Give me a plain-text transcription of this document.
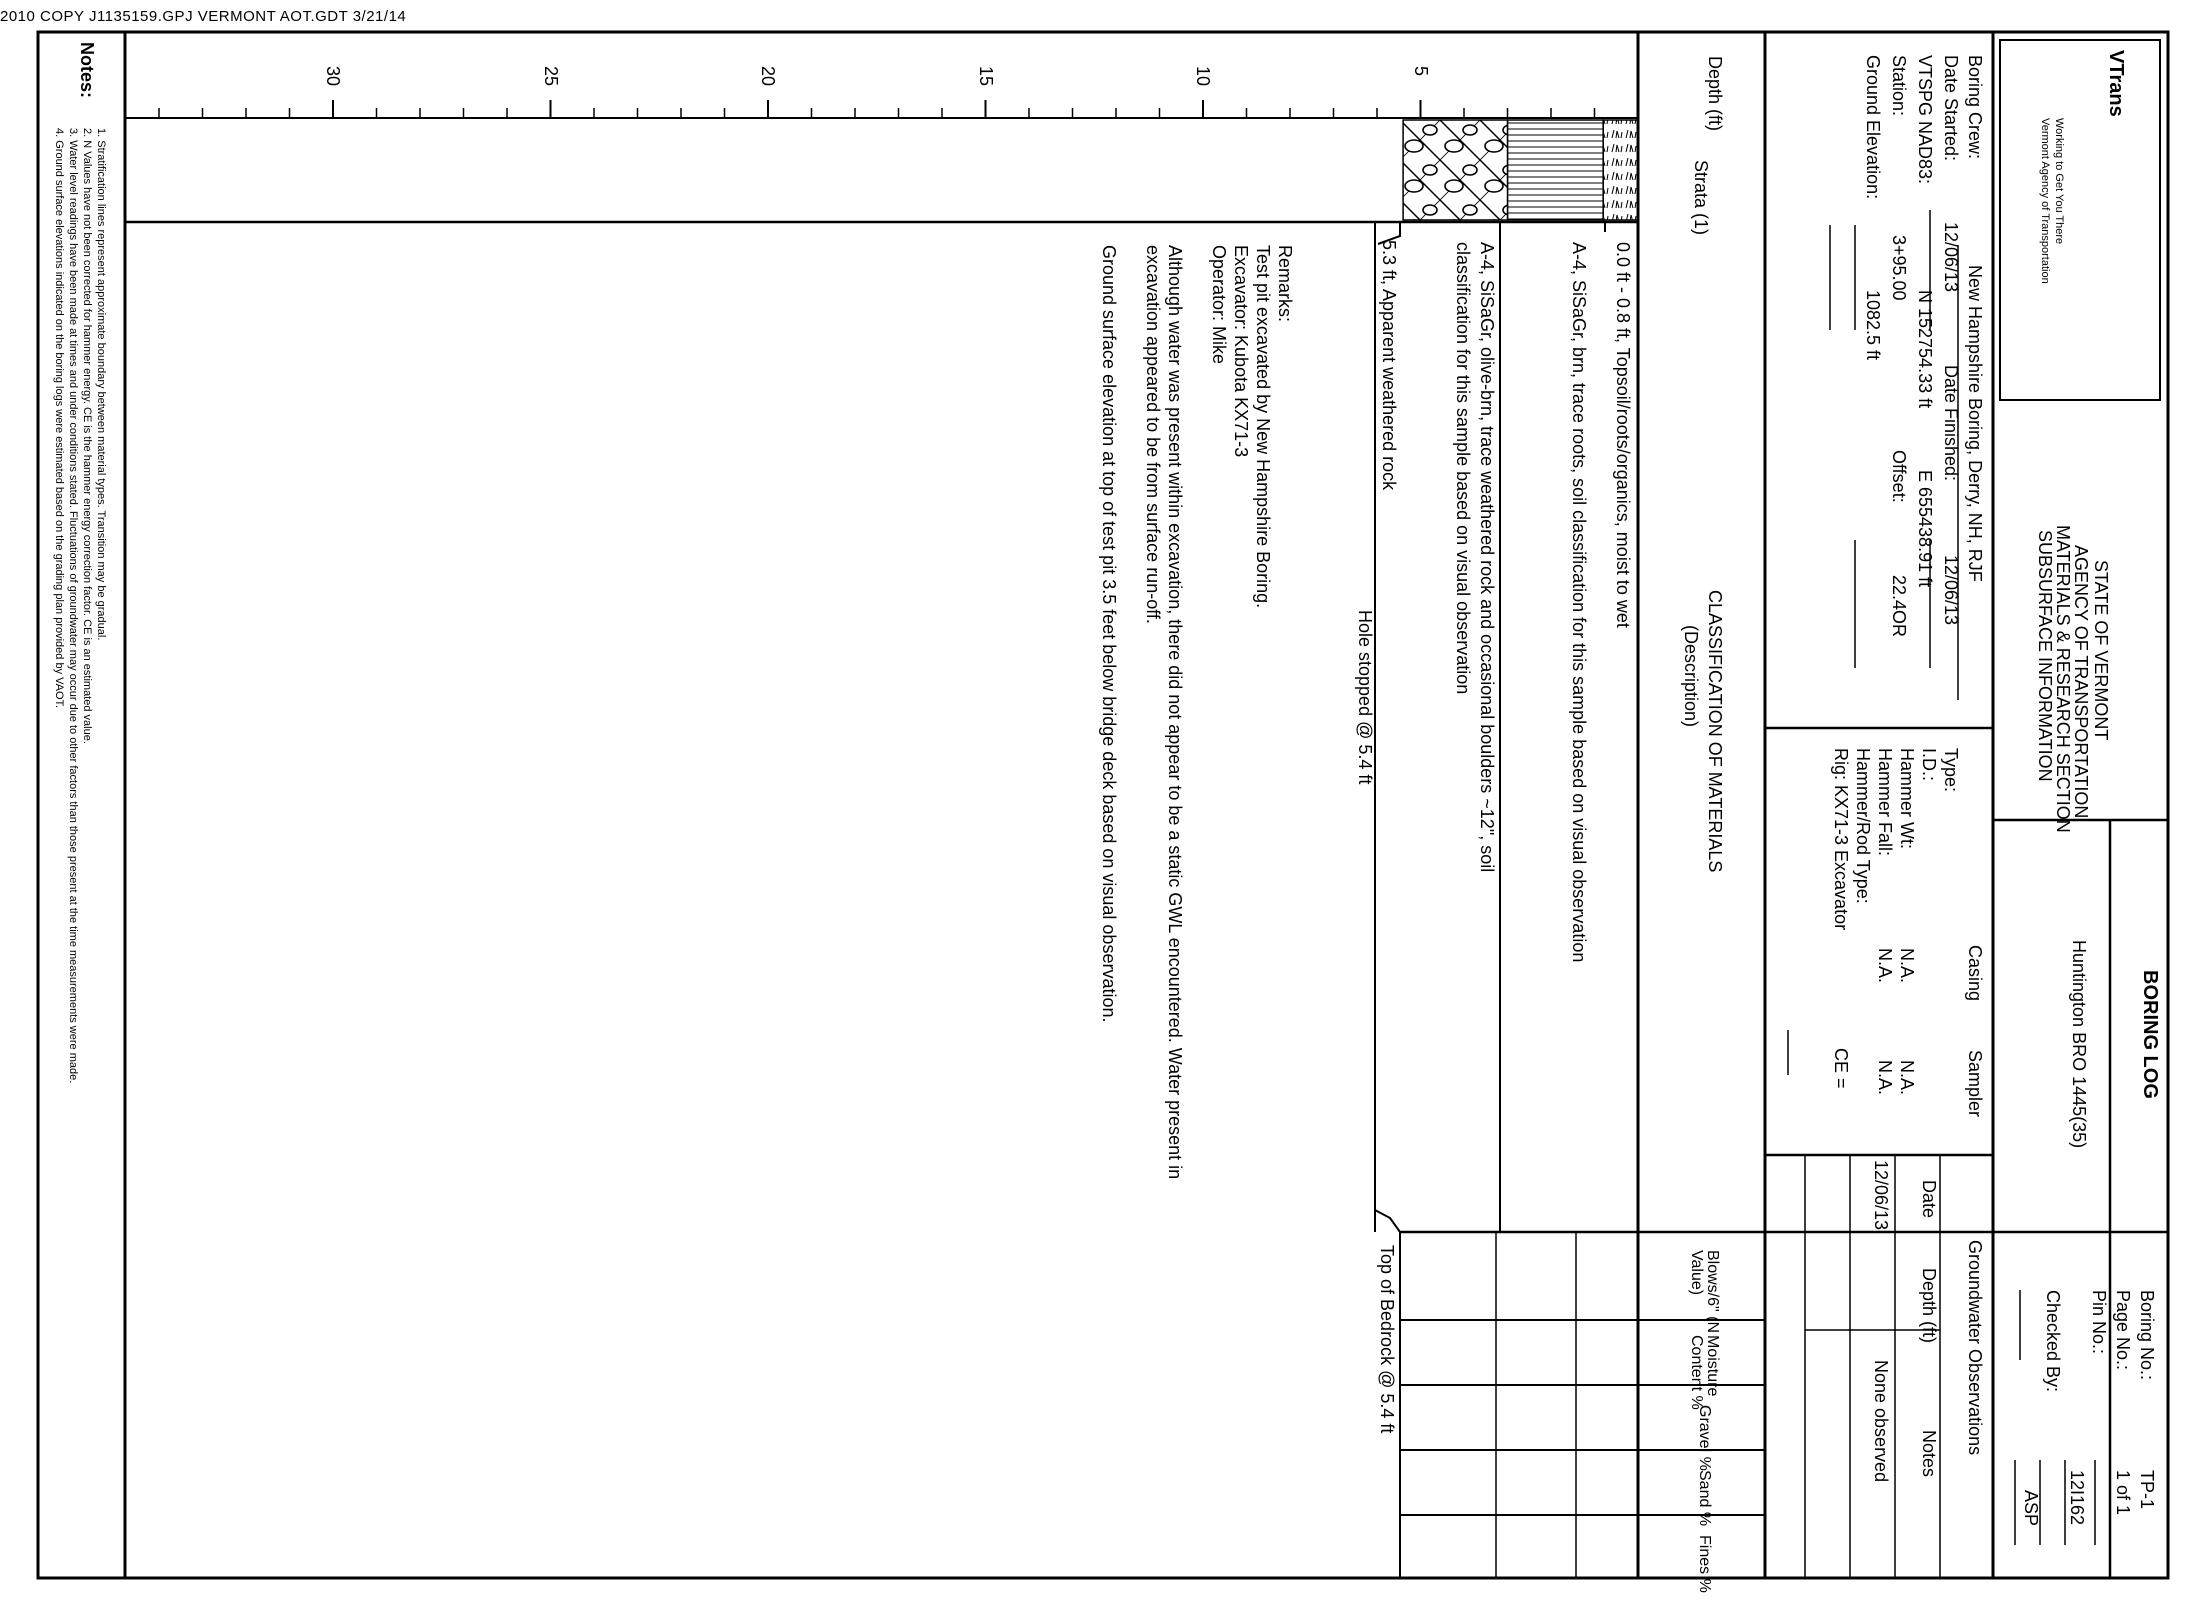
2010 COPY J1135159.GPJ VERMONT AOT.GDT 3/21/14
VTrans
Working to Get You There
Vermont Agency of Transportation
STATE OF VERMONT
AGENCY OF TRANSPORTATION
MATERIALS & RESEARCH SECTION
SUBSURFACE INFORMATION
BORING LOG
Huntington BRO 1445(35)
Boring No.:
TP-1
Page No.:
1 of 1
Pin No.:
12I162
Checked By:
ASP
Boring Crew:
New Hampshire Boring, Derry, NH, RJF
Date Started:
12/06/13
Date Finished:
12/06/13
VTSPG NAD83:
N 152754.33 ft
E 655438.91 ft
Station:
3+95.00
Offset:
22.4OR
Ground Elevation:
1082.5 ft
Casing
Sampler
Type:
I.D.:
Hammer Wt:
N.A.
N.A.
Hammer Fall:
N.A.
N.A.
Hammer/Rod Type:
Rig:
KX71-3 Excavator
CE =
Groundwater Observations
Date
Depth (ft)
Notes
12/06/13
None observed
Depth (ft)
Strata (1)
CLASSIFICATION OF MATERIALS
(Description)
Blows/6" (N Value)
Moisture Content %
Gravel %
Sand %
Fines %
5
10
15
20
25
30
0.0 ft - 0.8 ft, Topsoil/roots/organics, moist to wet
A-4, SiSaGr, brn, trace roots, soil classification for this sample based on visual observation
A-4, SiSaGr, olive-brn, trace weathered rock and occasional boulders ~12", soil
classification for this sample based on visual observation
5.3 ft, Apparent weathered rock
Hole stopped @ 5.4 ft
Top of Bedrock @ 5.4 ft
Remarks:
Test pit excavated by New Hampshire Boring.
Excavator: Kubota KX71-3
Operator: Mike
Although water was present within excavation, there did not appear to be a static GWL encountered. Water present in
excavation appeared to be from surface run-off.
Ground surface elevation at top of test pit 3.5 feet below bridge deck based on visual observation.
Notes:
1. Stratification lines represent approximate boundary between material types. Transition may be gradual.
2. N Values have not been corrected for hammer energy. CE is the hammer energy correction factor. CE is an estimated value.
3. Water level readings have been made at times and under conditions stated. Fluctuations of groundwater may occur due to other factors than those present at the time measurements were made.
4. Ground surface elevations indicated on the boring logs were estimated based on the grading plan provided by VAOT.
